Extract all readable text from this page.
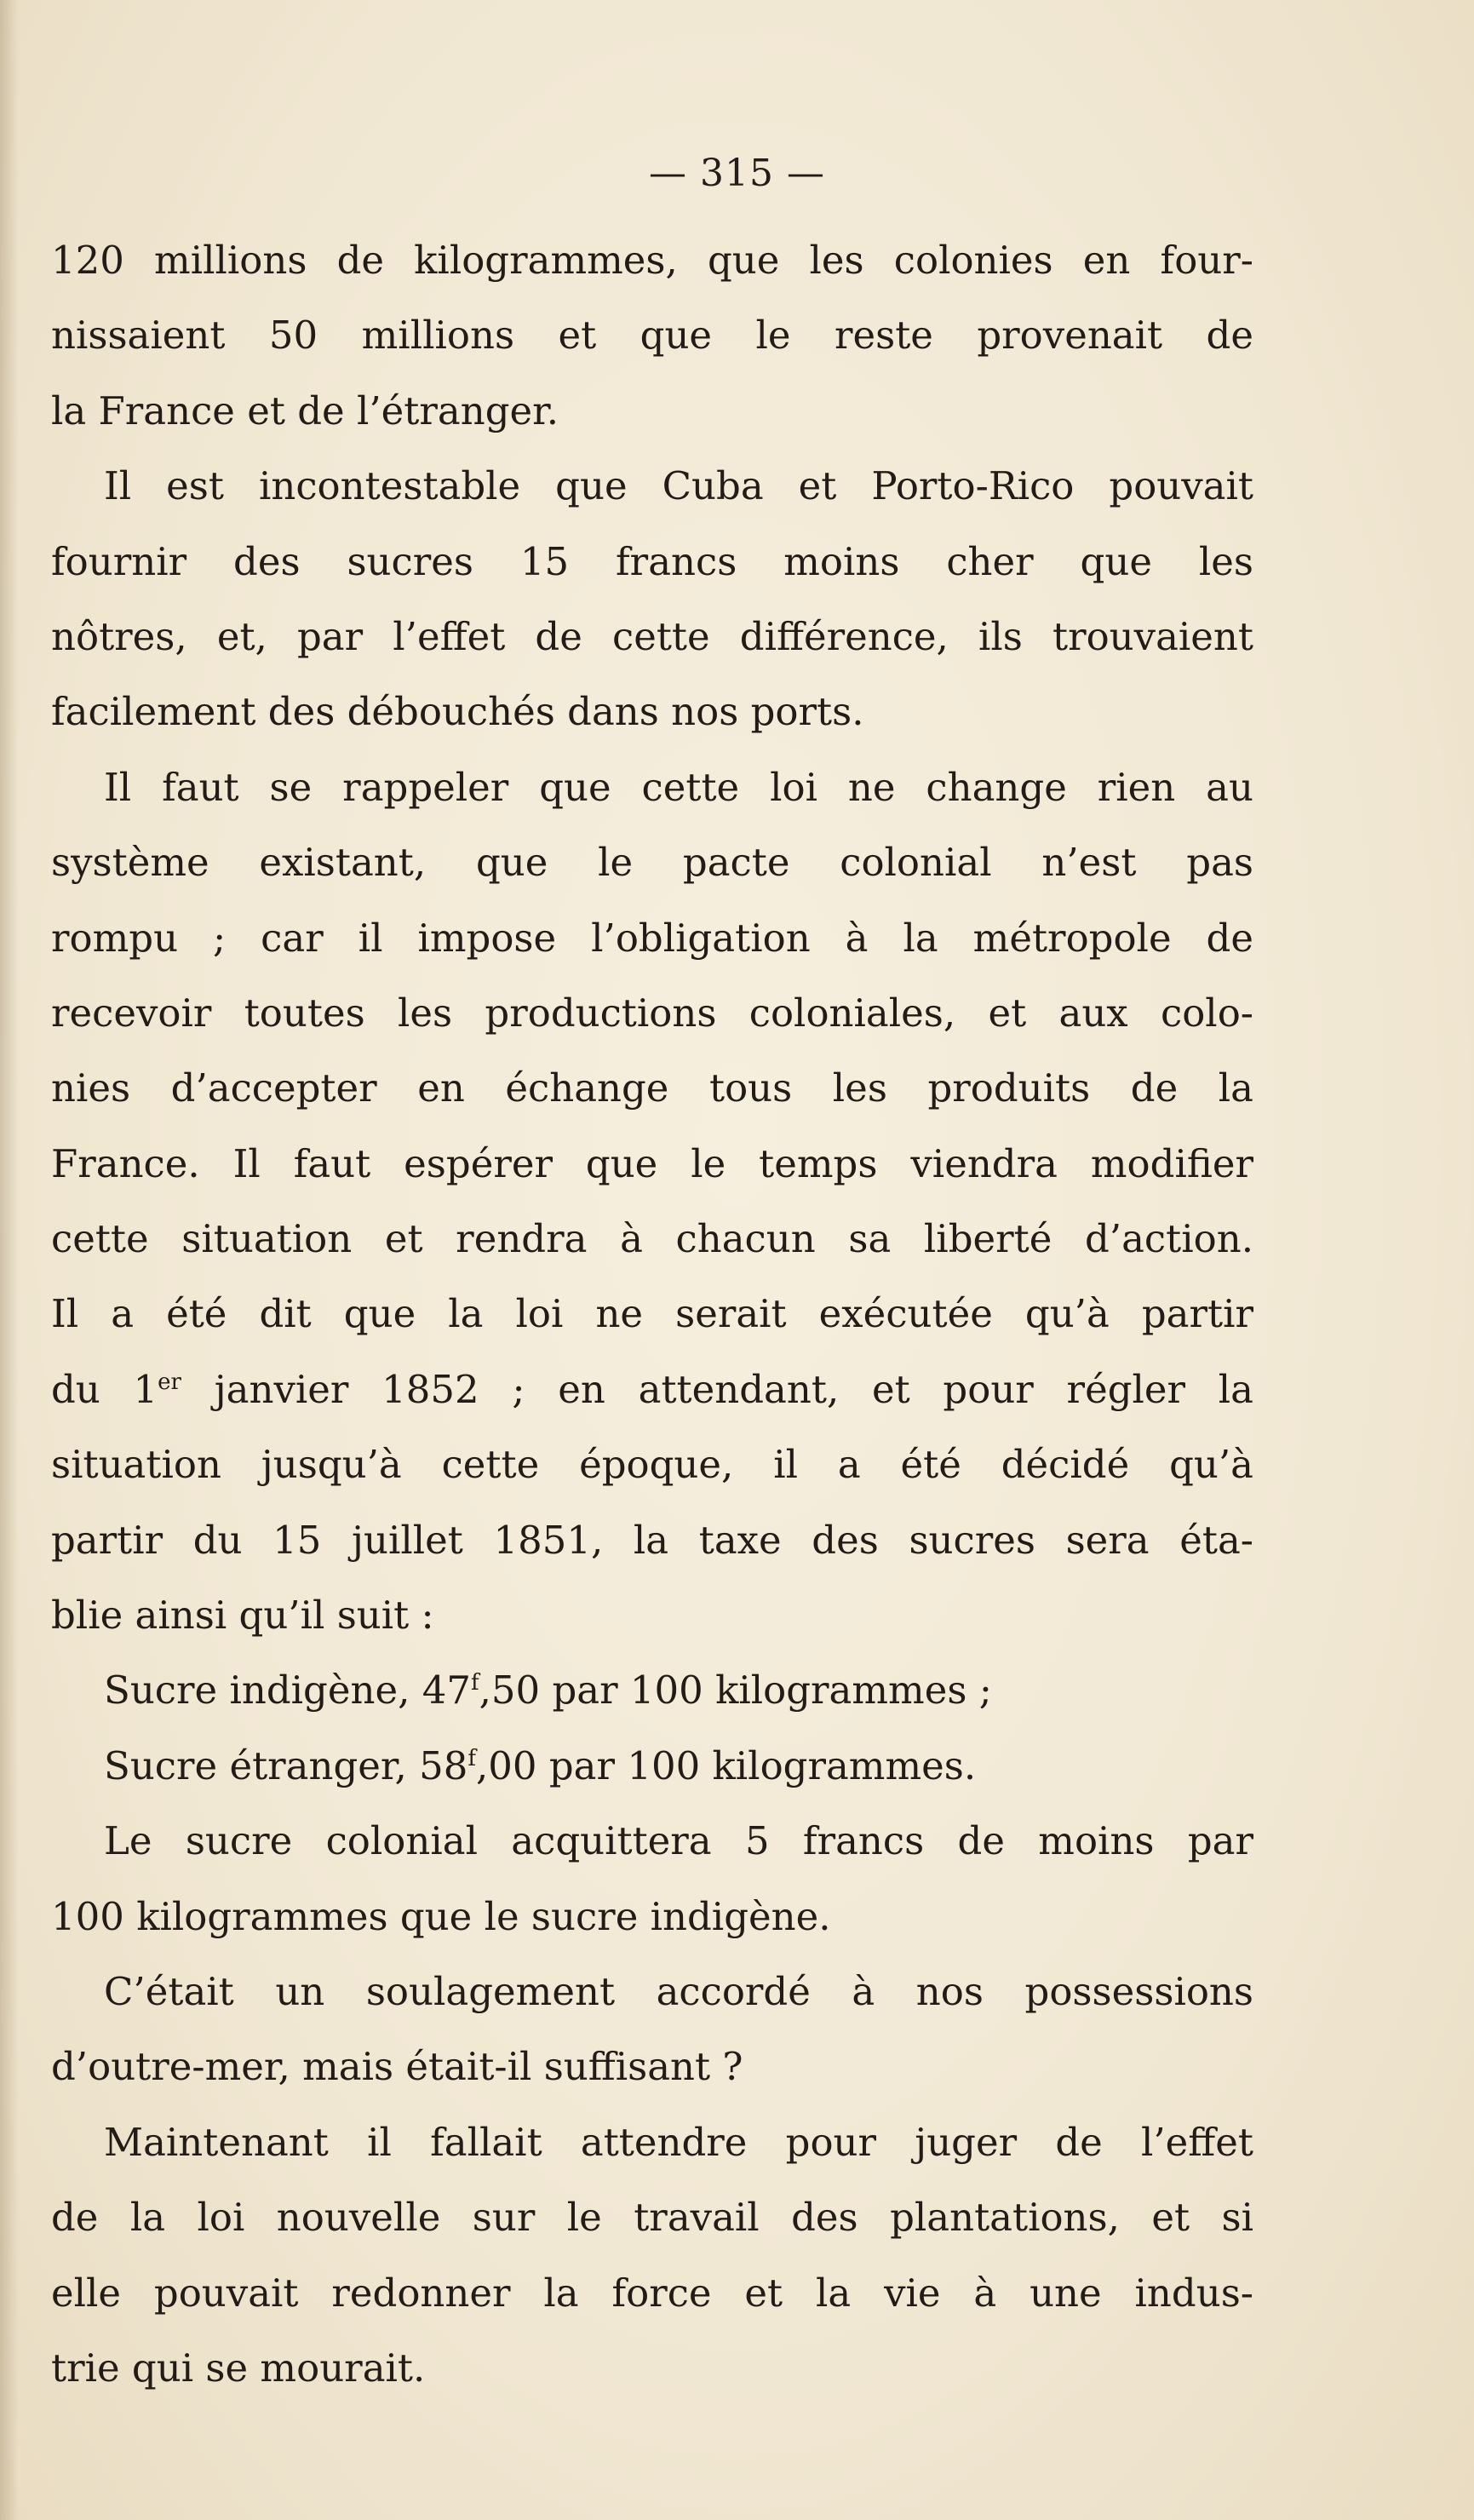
— 315 —
120 millions de kilogrammes, que les colonies en four-
nissaient 50 millions et que le reste provenait de
la France et de l’étranger.
Il est incontestable que Cuba et Porto-Rico pouvait
fournir des sucres 15 francs moins cher que les
nôtres, et, par l’effet de cette différence, ils trouvaient
facilement des débouchés dans nos ports.
Il faut se rappeler que cette loi ne change rien au
système existant, que le pacte colonial n’est pas
rompu ; car il impose l’obligation à la métropole de
recevoir toutes les productions coloniales, et aux colo-
nies d’accepter en échange tous les produits de la
France. Il faut espérer que le temps viendra modifier
cette situation et rendra à chacun sa liberté d’action.
Il a été dit que la loi ne serait exécutée qu’à partir
du 1er janvier 1852 ; en attendant, et pour régler la
situation jusqu’à cette époque, il a été décidé qu’à
partir du 15 juillet 1851, la taxe des sucres sera éta-
blie ainsi qu’il suit :
Sucre indigène, 47$^f$,50 par 100 kilogrammes ;
Sucre étranger, 58$^f$,00 par 100 kilogrammes.
Le sucre colonial acquittera 5 francs de moins par
100 kilogrammes que le sucre indigène.
C’était un soulagement accordé à nos possessions
d’outre-mer, mais était-il suffisant ?
Maintenant il fallait attendre pour juger de l’effet
de la loi nouvelle sur le travail des plantations, et si
elle pouvait redonner la force et la vie à une indus-
trie qui se mourait.
